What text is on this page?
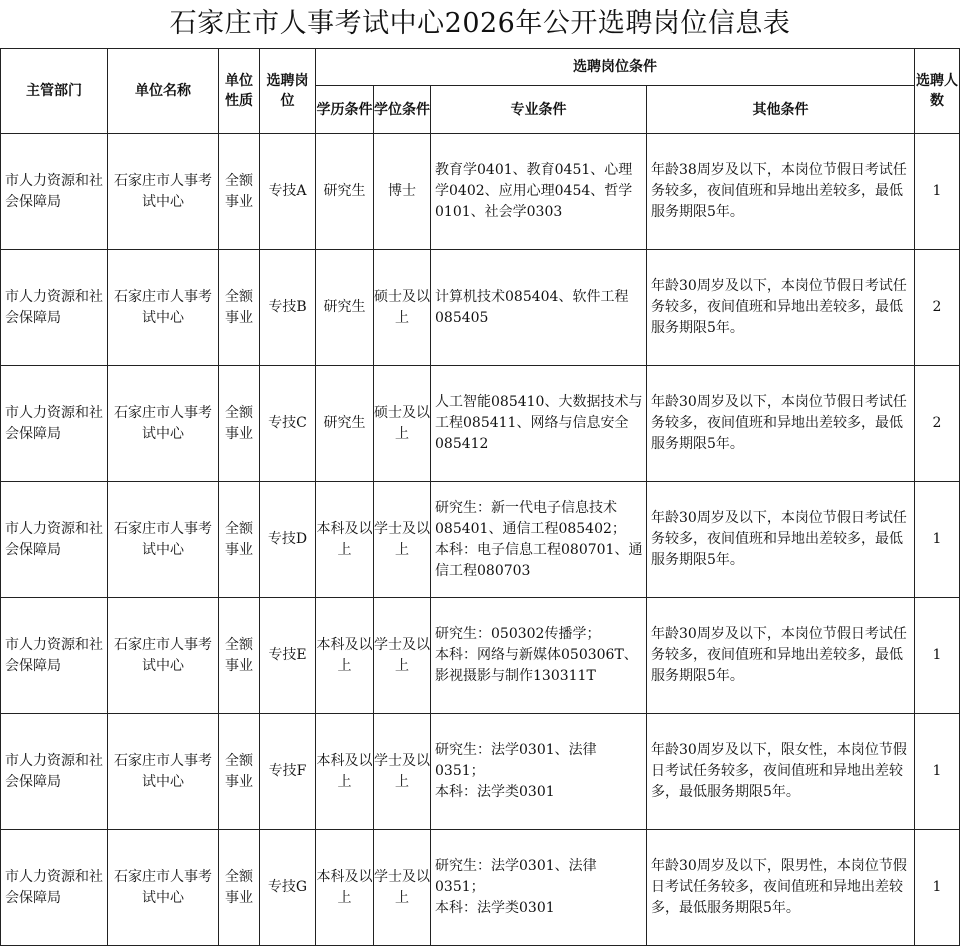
石家庄市人事考试中心2026年公开选聘岗位信息表
主管部门	单位名称	单位性质	选聘岗位	选聘岗位条件				选聘人数
				学历条件	学位条件	专业条件	其他条件	
市人力资源和社会保障局	石家庄市人事考试中心	全额事业	专技A	研究生	博士	教育学0401、教育0451、心理学0402、应用心理0454、哲学0101、社会学0303	年龄38周岁及以下，本岗位节假日考试任务较多，夜间值班和异地出差较多，最低服务期限5年。	1
市人力资源和社会保障局	石家庄市人事考试中心	全额事业	专技B	研究生	硕士及以上	计算机技术085404、软件工程085405	年龄30周岁及以下，本岗位节假日考试任务较多，夜间值班和异地出差较多，最低服务期限5年。	2
市人力资源和社会保障局	石家庄市人事考试中心	全额事业	专技C	研究生	硕士及以上	人工智能085410、大数据技术与工程085411、网络与信息安全085412	年龄30周岁及以下，本岗位节假日考试任务较多，夜间值班和异地出差较多，最低服务期限5年。	2
市人力资源和社会保障局	石家庄市人事考试中心	全额事业	专技D	本科及以上	学士及以上	研究生：新一代电子信息技术085401、通信工程085402；
本科：电子信息工程080701、通信工程080703	年龄30周岁及以下，本岗位节假日考试任务较多，夜间值班和异地出差较多，最低服务期限5年。	1
市人力资源和社会保障局	石家庄市人事考试中心	全额事业	专技E	本科及以上	学士及以上	研究生：050302传播学；
本科：网络与新媒体050306T、影视摄影与制作130311T	年龄30周岁及以下，本岗位节假日考试任务较多，夜间值班和异地出差较多，最低服务期限5年。	1
市人力资源和社会保障局	石家庄市人事考试中心	全额事业	专技F	本科及以上	学士及以上	研究生：法学0301、法律0351；
本科：法学类0301	年龄30周岁及以下，限女性，本岗位节假日考试任务较多，夜间值班和异地出差较多，最低服务期限5年。	1
市人力资源和社会保障局	石家庄市人事考试中心	全额事业	专技G	本科及以上	学士及以上	研究生：法学0301、法律0351；
本科：法学类0301	年龄30周岁及以下，限男性，本岗位节假日考试任务较多，夜间值班和异地出差较多，最低服务期限5年。	1
